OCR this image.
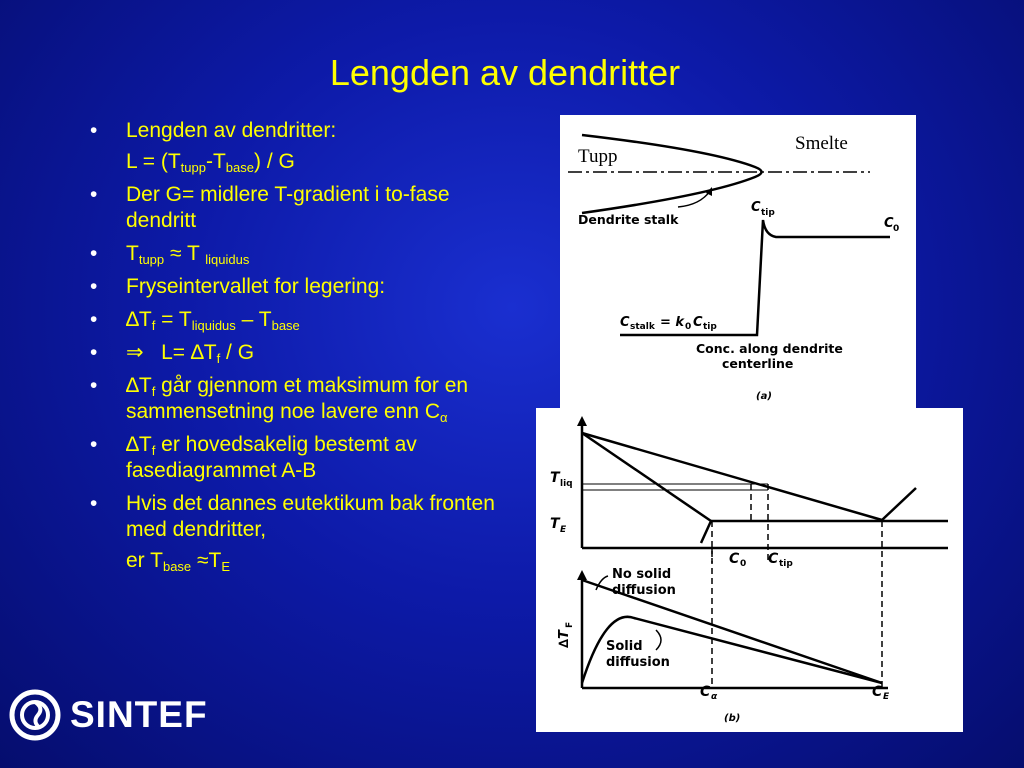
Lengden av dendritter
• Lengden av dendritter:
$L = (T_{tupp}-T_{base}) / G$
• Der G= midlere T-gradient i to-fase dendritt
• $T_{tupp} \approx T$ $_{liquidus}$
• Fryseintervallet for legering:
• $\Delta T_f = T_{liquidus} - T_{base}$
• ⇒   $L= \Delta T_f / G$
• $\Delta T_f$ går gjennom et maksimum for en sammensetning noe lavere enn $C_\alpha$
• $\Delta T_f$ er hovedsakelig bestemt av fasediagrammet A-B
• Hvis det dannes eutektikum bak fronten med dendritter,
er $T_{base} \approx T_E$
Tupp
Smelte
Dendrite stalk
C tip
C 0
C stalk = k 0 C tip
Conc. along dendrite
centerline
(a)
T liq
T E
C 0 C tip
No solid
diffusion
Solid
diffusion
∆T
F
C α	C E
(b)
SINTEF
